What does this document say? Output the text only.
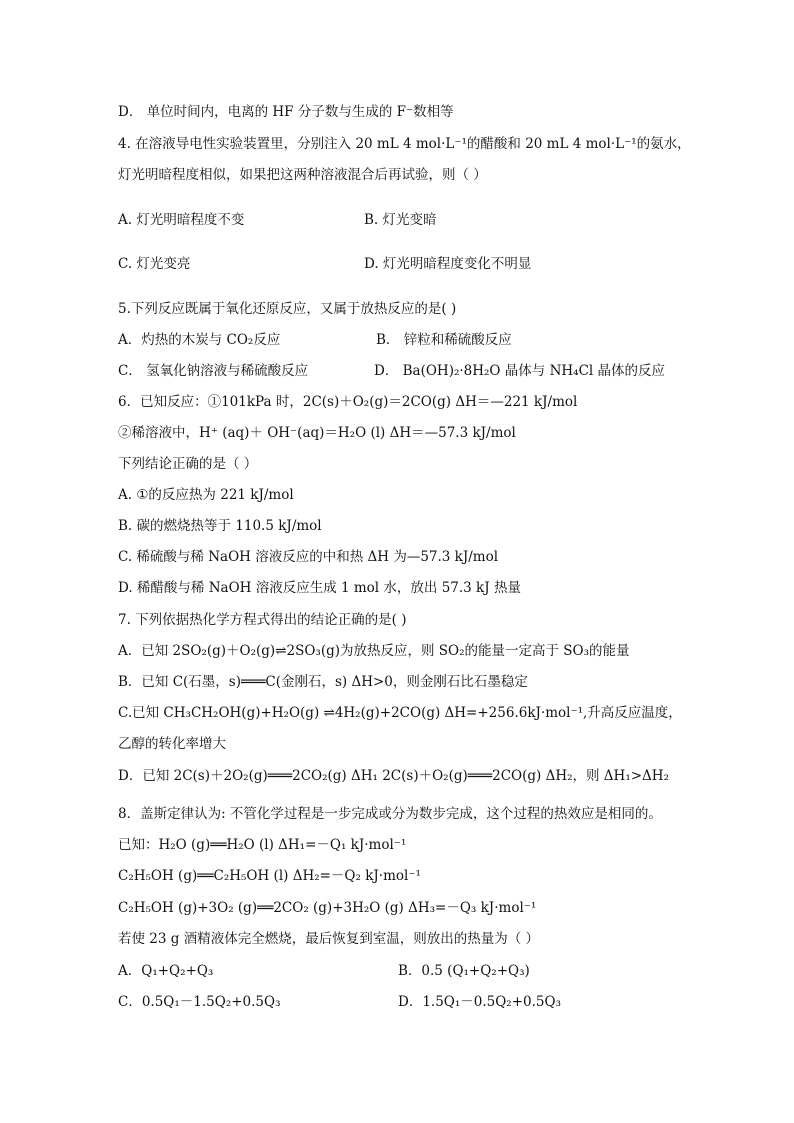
D． 单位时间内，电离的 HF 分子数与生成的 F⁻数相等
4. 在溶液导电性实验装置里，分别注入 20 mL 4 mol·L⁻¹的醋酸和 20 mL 4 mol·L⁻¹的氨水，
灯光明暗程度相似，如果把这两种溶液混合后再试验，则（ ）
A. 灯光明暗程度不变	B. 灯光变暗
C. 灯光变亮	D. 灯光明暗程度变化不明显
5.下列反应既属于氧化还原反应，又属于放热反应的是( )
A．灼热的木炭与 CO₂反应	B． 锌粒和稀硫酸反应
C． 氢氧化钠溶液与稀硫酸反应	D． Ba(OH)₂·8H₂O 晶体与 NH₄Cl 晶体的反应
6．已知反应：①101kPa 时，2C(s)＋O₂(g)＝2CO(g) ΔH＝—221 kJ/mol
②稀溶液中，H⁺ (aq)＋ OH⁻(aq)＝H₂O (l) ΔH＝—57.3 kJ/mol
下列结论正确的是（ ）
A. ①的反应热为 221 kJ/mol
B. 碳的燃烧热等于 110.5 kJ/mol
C. 稀硫酸与稀 NaOH 溶液反应的中和热 ΔH 为—57.3 kJ/mol
D. 稀醋酸与稀 NaOH 溶液反应生成 1 mol 水，放出 57.3 kJ 热量
7. 下列依据热化学方程式得出的结论正确的是( )
A．已知 2SO₂(g)＋O₂(g)⇌2SO₃(g)为放热反应，则 SO₂的能量一定高于 SO₃的能量
B．已知 C(石墨，s)═══C(金刚石，s) ΔH>0，则金刚石比石墨稳定
C.已知 CH₃CH₂OH(g)+H₂O(g) ⇌4H₂(g)+2CO(g) ΔH=+256.6kJ·mol⁻¹,升高反应温度，
乙醇的转化率增大
D．已知 2C(s)＋2O₂(g)═══2CO₂(g) ΔH₁ 2C(s)＋O₂(g)═══2CO(g) ΔH₂，则 ΔH₁>ΔH₂
8．盖斯定律认为: 不管化学过程是一步完成或分为数步完成，这个过程的热效应是相同的。
已知：H₂O (g)══H₂O (l) ΔH₁=－Q₁ kJ·mol⁻¹
C₂H₅OH (g)══C₂H₅OH (l) ΔH₂=－Q₂ kJ·mol⁻¹
C₂H₅OH (g)+3O₂ (g)══2CO₂ (g)+3H₂O (g) ΔH₃=－Q₃ kJ·mol⁻¹
若使 23 g 酒精液体完全燃烧，最后恢复到室温，则放出的热量为（ ）
A．Q₁+Q₂+Q₃	B．0.5 (Q₁+Q₂+Q₃)
C．0.5Q₁－1.5Q₂+0.5Q₃	D．1.5Q₁－0.5Q₂+0.5Q₃
